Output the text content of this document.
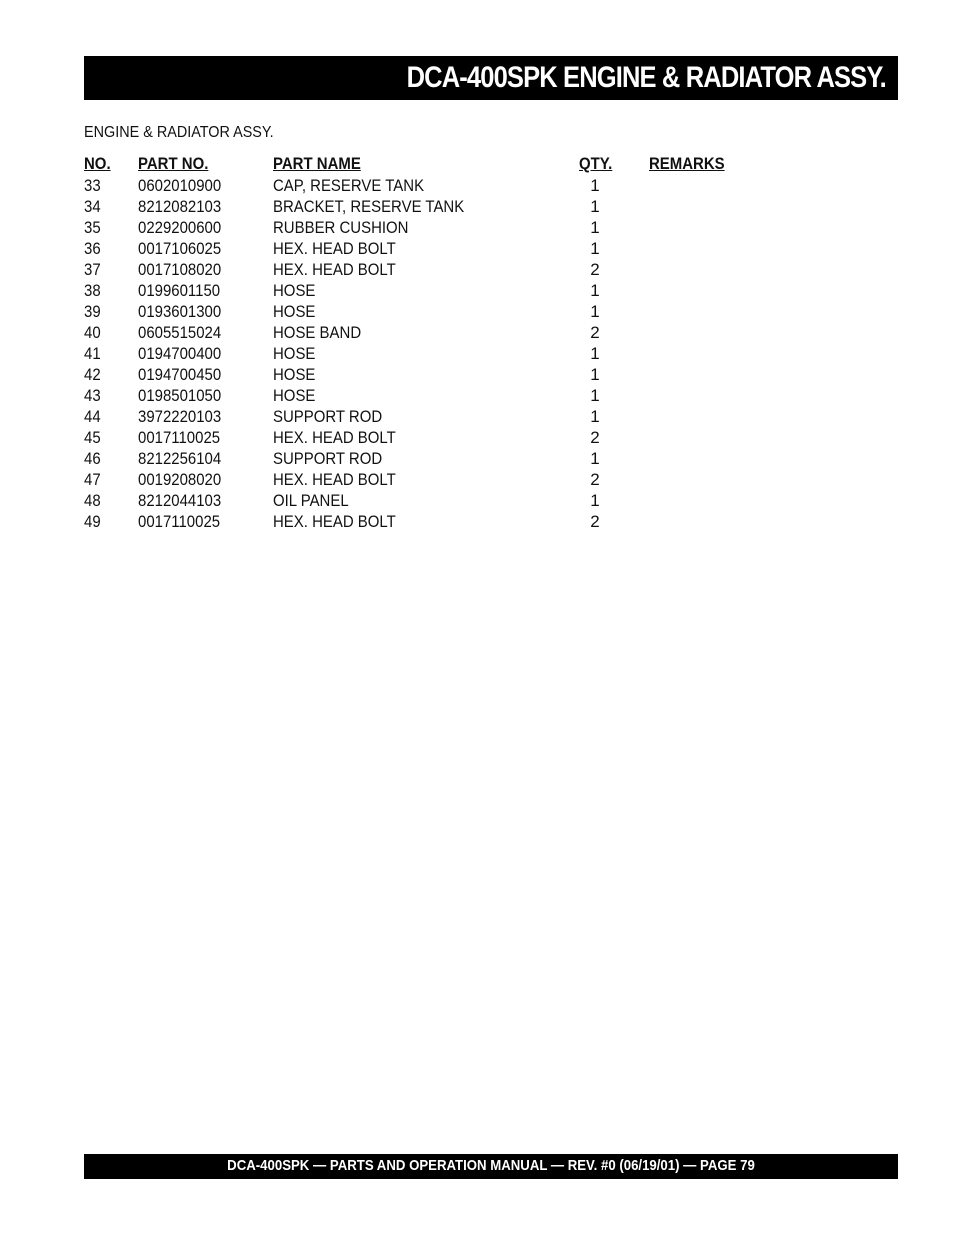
DCA-400SPK ENGINE & RADIATOR ASSY.
ENGINE & RADIATOR ASSY.
NO. PART NO.	PART NAME	QTY. REMARKS
33 0602010900	CAP, RESERVE TANK	1
34 8212082103	BRACKET, RESERVE TANK	1
35 0229200600	RUBBER CUSHION	1
36 0017106025	HEX. HEAD BOLT	1
37 0017108020	HEX. HEAD BOLT	2
38 0199601150	HOSE	1
39 0193601300	HOSE	1
40 0605515024	HOSE BAND	2
41 0194700400	HOSE	1
42 0194700450	HOSE	1
43 0198501050	HOSE	1
44 3972220103	SUPPORT ROD	1
45 0017110025	HEX. HEAD BOLT	2
46 8212256104	SUPPORT ROD	1
47 0019208020	HEX. HEAD BOLT	2
48 8212044103	OIL PANEL	1
49 0017110025	HEX. HEAD BOLT	2
DCA-400SPK — PARTS AND OPERATION MANUAL — REV. #0 (06/19/01) — PAGE 79
